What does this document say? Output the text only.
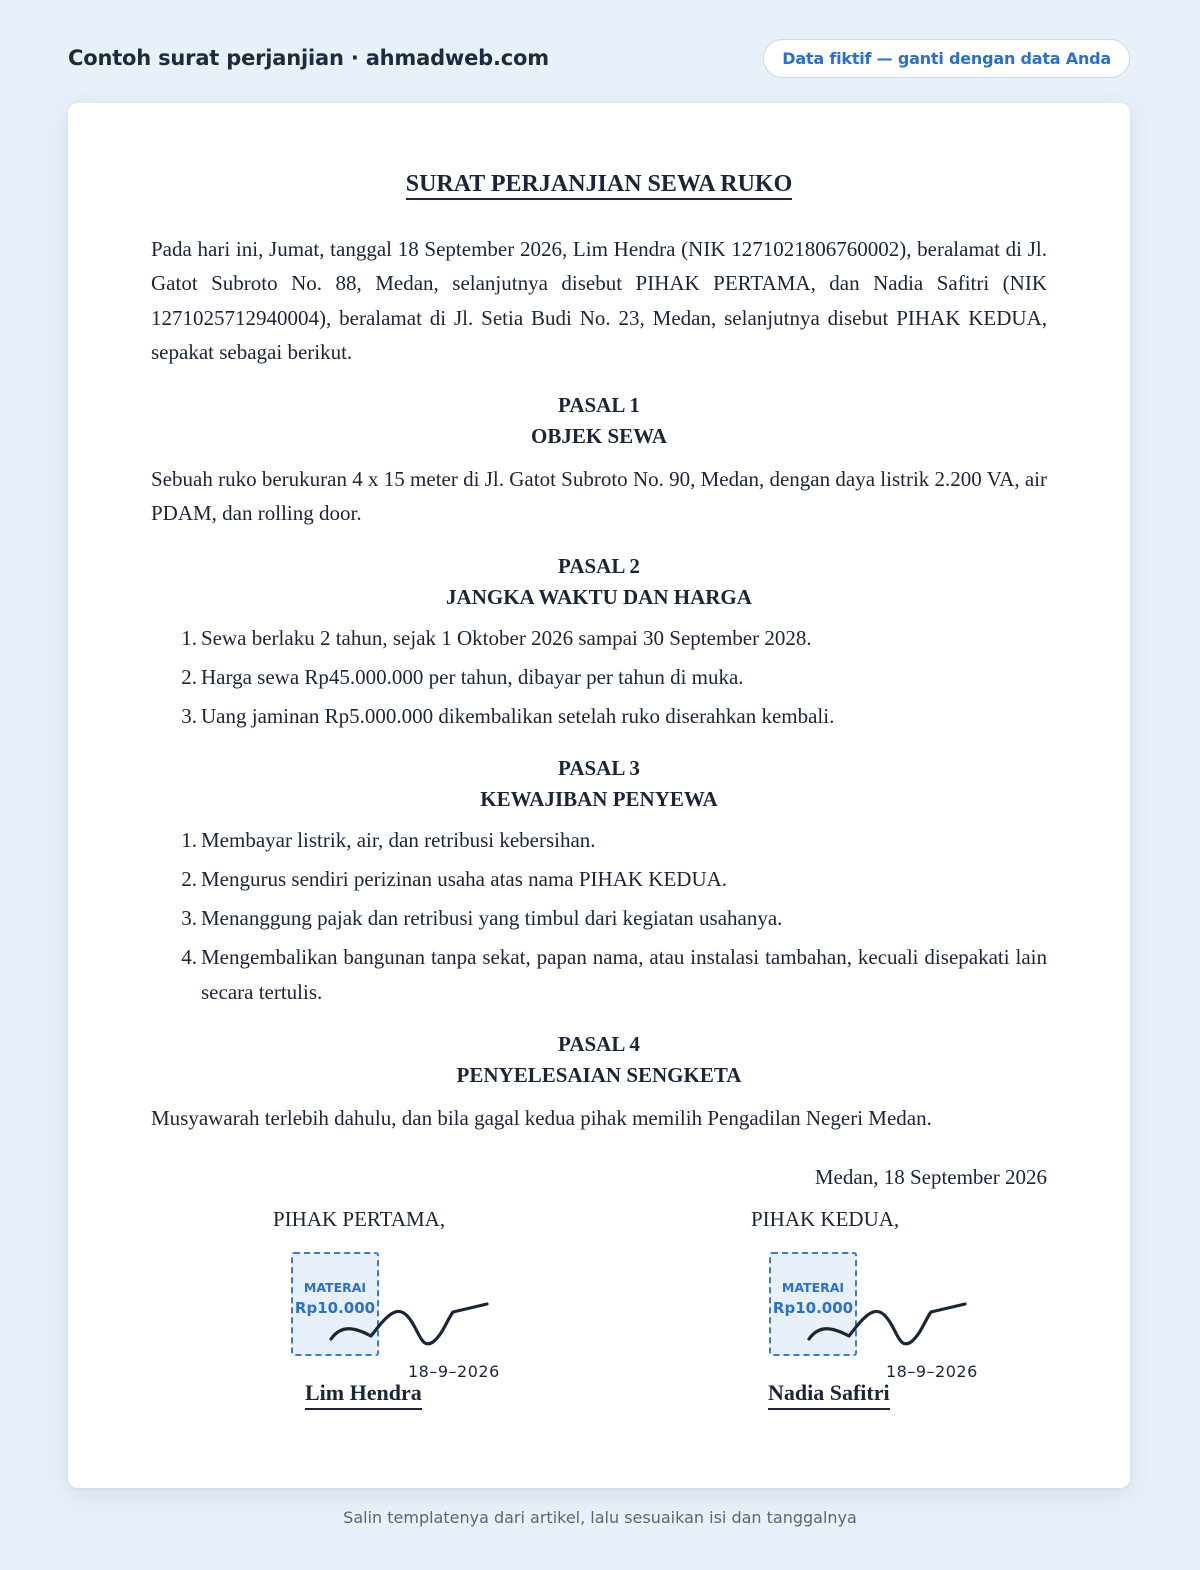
Contoh surat perjanjian · ahmadweb.com	Data fiktif — ganti dengan data Anda
SURAT PERJANJIAN SEWA RUKO

Pada hari ini, Jumat, tanggal 18 September 2026, Lim Hendra (NIK 1271021806760002), beralamat di Jl. Gatot Subroto No. 88, Medan, selanjutnya disebut PIHAK PERTAMA, dan Nadia Safitri (NIK 1271025712940004), beralamat di Jl. Setia Budi No. 23, Medan, selanjutnya disebut PIHAK KEDUA, sepakat sebagai berikut.

PASAL 1
OBJEK SEWA

Sebuah ruko berukuran 4 x 15 meter di Jl. Gatot Subroto No. 90, Medan, dengan daya listrik 2.200 VA, air PDAM, dan rolling door.

PASAL 2
JANGKA WAKTU DAN HARGA
1. Sewa berlaku 2 tahun, sejak 1 Oktober 2026 sampai 30 September 2028.
2. Harga sewa Rp45.000.000 per tahun, dibayar per tahun di muka.
3. Uang jaminan Rp5.000.000 dikembalikan setelah ruko diserahkan kembali.
PASAL 3
KEWAJIBAN PENYEWA
1. Membayar listrik, air, dan retribusi kebersihan.
2. Mengurus sendiri perizinan usaha atas nama PIHAK KEDUA.
3. Menanggung pajak dan retribusi yang timbul dari kegiatan usahanya.
4. Mengembalikan bangunan tanpa sekat, papan nama, atau instalasi tambahan, kecuali disepakati lain secara tertulis.
PASAL 4
PENYELESAIAN SENGKETA

Musyawarah terlebih dahulu, dan bila gagal kedua pihak memilih Pengadilan Negeri Medan.

Medan, 18 September 2026

PIHAK PERTAMA,
MATERAI
Rp10.000
18–9–2026
Lim Hendra
PIHAK KEDUA,
MATERAI
Rp10.000
18–9–2026
Nadia Safitri
Salin templatenya dari artikel, lalu sesuaikan isi dan tanggalnya
